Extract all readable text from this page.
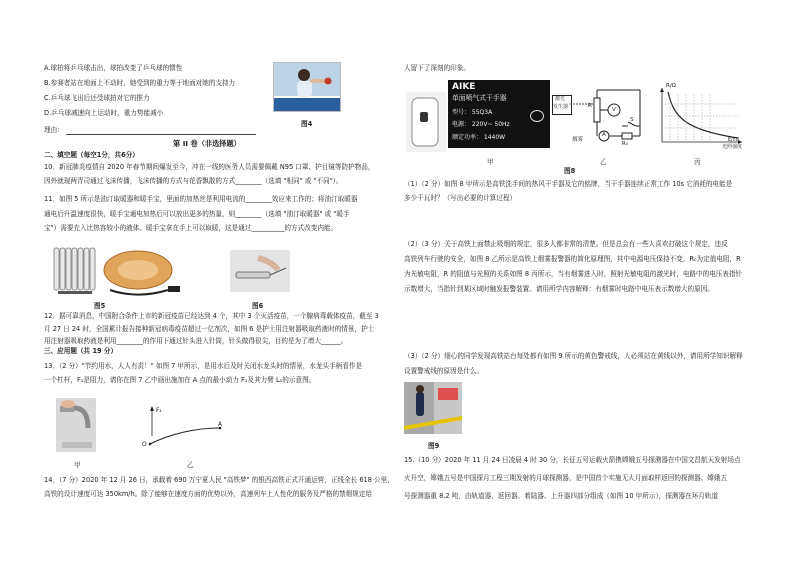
A.球拍将乒乓球击出，球拍改变了乒乓球的惯性
B.参赛者站在地面上不动时，她受到的重力等于地面对她的支持力
C.乒乓球飞出后还受球拍对它的推力
D.乒乓球减速向上运动时，重力势能减小
图4
理由：
第 II 卷（非选择题）
二、填空题（每空1分，共6分）
10．新冠肺炎疫情自 2020 年春节期间爆发至今，冲在一线的医务人员需要佩戴 N95 口罩、护目镜等防护物品，
因外就现两青司通过飞沫传播，飞沫传播的方式与花香飘散的方式________（选填 "相同" 或 "不同"）。
11．如图 5 所示是油汀取暖器和暖手宝，里面的加热丝是利用电流的________效应来工作的；将油汀取暖器
通电后升温速度很快，暖手宝通电加热后可以放出更多的热量，则________（选填 "油汀取暖器" 或 "暖手
宝"）需要充入比热容较小的液体。暖手宝拿在手上可以取暖，这是通过__________的方式改变内能。
图5	图6
12．据可靠消息，中国附合条件上市的新冠疫苗已经达到 4 个，其中 3 个灭活疫苗，一个腺病毒载体疫苗，截至 3
月 27 日 24 时，全国累计报告接种新冠病毒疫苗超过一亿剂次，如图 6 是护士用注射器吸取药液时的情景，护士
用注射器吸取药液是利用________的作用下通过针头进入针筒，针头做得很尖，目的是为了增大______。
三、应用题（共 19 分）
13．（2 分）"节约用水，人人有责！" 如图 7 甲所示，是用水后及时关闭水龙头时的情景，水龙头手柄看作是
一个杠杆，F₁是阻力，请你在图 7 乙中画出施加在 A 点的最小动力 F₁及其力臂 L₁的示意图。
甲
F₁
O
A
乙
14．（7 分）2020 年 12 月 26 日，承载着 690 万宁夏人民 "高铁梦" 的银西高铁正式开通运营，正线全长 618 公里，
高铁的设计速度可达 350km/h。除了能够在速度方面的优势以外，高速列车上人性化的服务及严格的禁烟规定给
人留下了深刻的印象。
AIKE
单面喷气式干手器
型号： 55Q3A
电源： 220V~ 50Hz
额定功率： 1440W
甲
激光
发生器	V
A
R₀
S
R
烟雾
乙
R/Ω
E/cd
光照强度
丙
图8
（1）（2 分）如图 8 甲所示是高铁洗手间的热风干手器及它的铭牌，当干手器连续正常工作 10s 它消耗的电能是
多少千瓦时？（写出必要的计算过程）
（2）（3 分）关于高铁上面禁止吸烟的规定，很多人都非常的清楚。但是总会有一些人喜欢打破这个规定，违反
高铁列车行驶的安全，如图 8 乙所示是高铁上烟雾报警器的简化原理图，其中电源电压保持不变，R₀为定值电阻，R
为光敏电阻，R 的阻值与光照的关系如图 8 丙所示，当有烟雾进入时，照射光敏电阻的激光时，电路中的电压表指针
示数增大，当指针到某区域时触发报警装置。请用所学内容解释：有烟雾时电路中电压表示数增大的原因。
（3）（2 分）细心的同学发现高铁站台每处都有如图 9 所示的黄色警戒线，人必须站在黄线以外，请用所学知识解释
设置警戒线的原因是什么。
图9
15.（10 分）2020 年 11 月 24 日凌晨 4 时 30 分，长征五号运载火箭携嫦娥五号探测器在中国文昌航天发射场点
火升空，嫦娥五号是中国探月工程三期发射的月球探测器，是中国首个实施无人月面取样返回的探测器。嫦娥五
号探测器重 8.2 吨，由轨道器、返回器、着陆器、上升器四部分组成（如图 10 甲所示），探测器在环月轨道
